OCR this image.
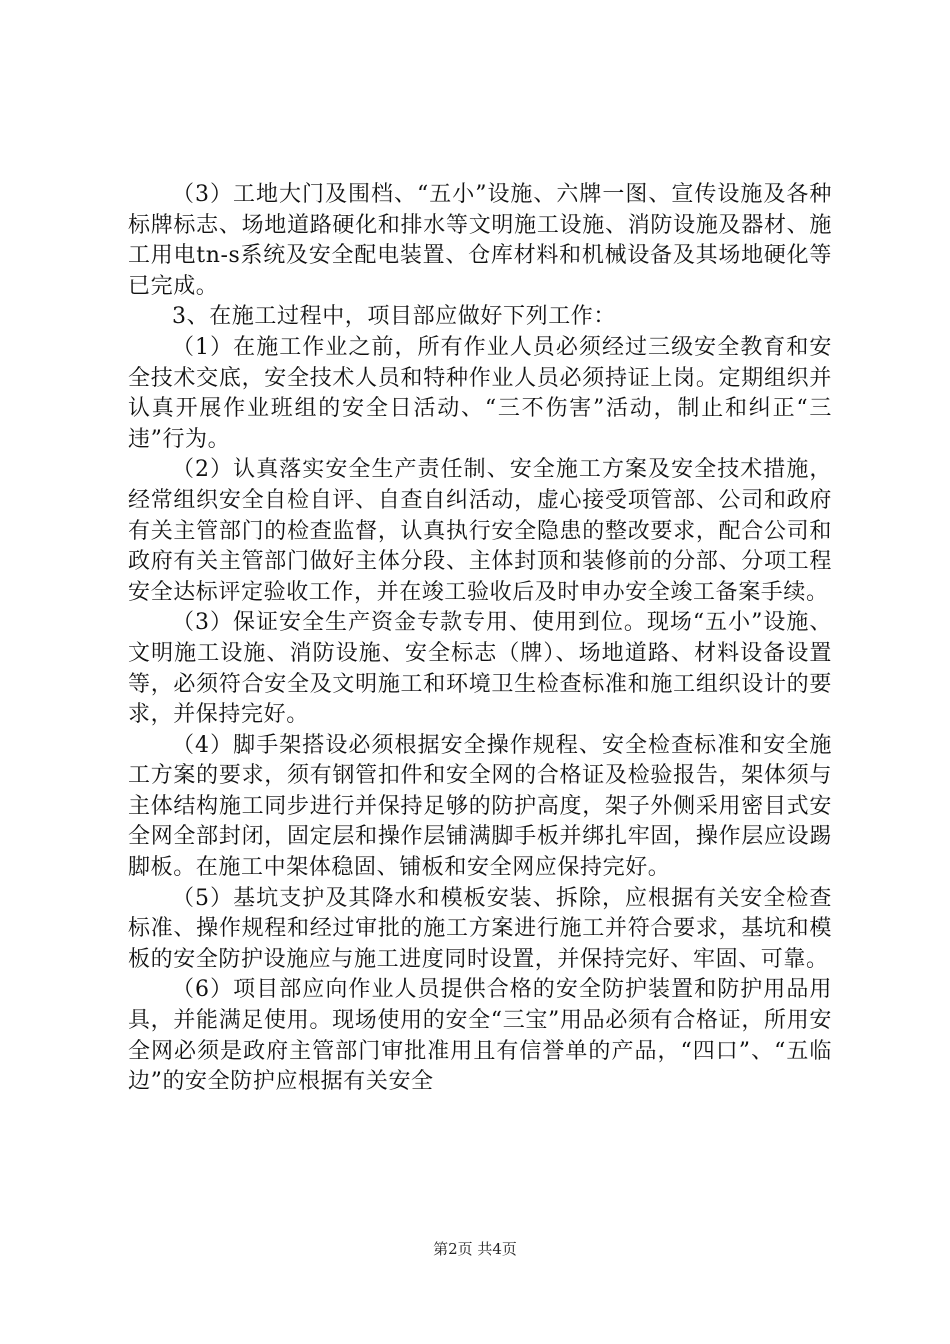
（3）工地大门及围档、“五小”设施、六牌一图、宣传设施及各种标牌标志、场地道路硬化和排水等文明施工设施、消防设施及器材、施工用电tn-s系统及安全配电装置、仓库材料和机械设备及其场地硬化等已完成。

3、在施工过程中，项目部应做好下列工作：

（1）在施工作业之前，所有作业人员必须经过三级安全教育和安全技术交底，安全技术人员和特种作业人员必须持证上岗。定期组织并认真开展作业班组的安全日活动、“三不伤害”活动，制止和纠正“三违”行为。

（2）认真落实安全生产责任制、安全施工方案及安全技术措施，经常组织安全自检自评、自查自纠活动，虚心接受项管部、公司和政府有关主管部门的检查监督，认真执行安全隐患的整改要求，配合公司和政府有关主管部门做好主体分段、主体封顶和装修前的分部、分项工程安全达标评定验收工作，并在竣工验收后及时申办安全竣工备案手续。

（3）保证安全生产资金专款专用、使用到位。现场“五小”设施、文明施工设施、消防设施、安全标志（牌）、场地道路、材料设备设置等，必须符合安全及文明施工和环境卫生检查标准和施工组织设计的要求，并保持完好。

（4）脚手架搭设必须根据安全操作规程、安全检查标准和安全施工方案的要求，须有钢管扣件和安全网的合格证及检验报告，架体须与主体结构施工同步进行并保持足够的防护高度，架子外侧采用密目式安全网全部封闭，固定层和操作层铺满脚手板并绑扎牢固，操作层应设踢脚板。在施工中架体稳固、铺板和安全网应保持完好。

（5）基坑支护及其降水和模板安装、拆除，应根据有关安全检查标准、操作规程和经过审批的施工方案进行施工并符合要求，基坑和模板的安全防护设施应与施工进度同时设置，并保持完好、牢固、可靠。

（6）项目部应向作业人员提供合格的安全防护装置和防护用品用具，并能满足使用。现场使用的安全“三宝”用品必须有合格证，所用安全网必须是政府主管部门审批准用且有信誉单的产品，“四口”、“五临边”的安全防护应根据有关安全

第2页 共4页
